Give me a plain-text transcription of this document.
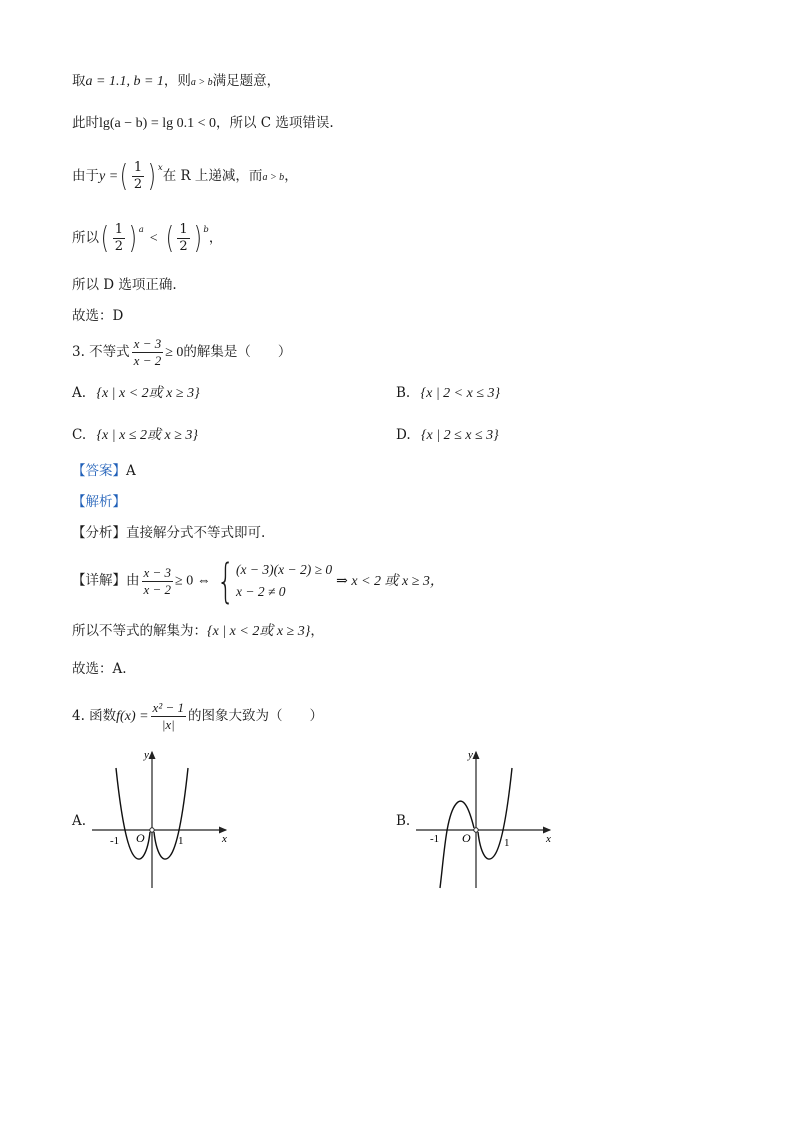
取a = 1.1, b = 1，则a > b满足题意，
此时lg(a − b) = lg 0.1 < 0，所以 C 选项错误.
由于y =( $\frac{1}{2}$ ) $^x$在 R 上递减，而a > b，
所以( $\frac{1}{2}$ ) $^a$< ( $\frac{1}{2}$ ) $^b$，
所以 D 选项正确.
故选：D
3. 不等式 $\frac{x - 3}{x - 2} \ge 0$的解集是（　　）
A. {x | x < 2或 x ≥ 3}	B. {x | 2 < x ≤ 3}
C. {x | x ≤ 2或 x ≥ 3}	D. {x | 2 ≤ x ≤ 3}
【答案】A
【解析】
【分析】直接解分式不等式即可.
【详解】由 $\frac{x - 3}{x - 2} \ge 0$ ⇔ { (x − 3)(x − 2) ≥ 0
x − 2 ≠ 0
⇒ x < 2 或 x ≥ 3，
所以不等式的解集为：{x | x < 2或 x ≥ 3}，
故选：A.
4. 函数$f(x) = \frac{\text{x² − 1}}{|x|}$ 的图象大致为（　　）
A.
y
x
O
-1	1
B.
y
x
O
-1	1
